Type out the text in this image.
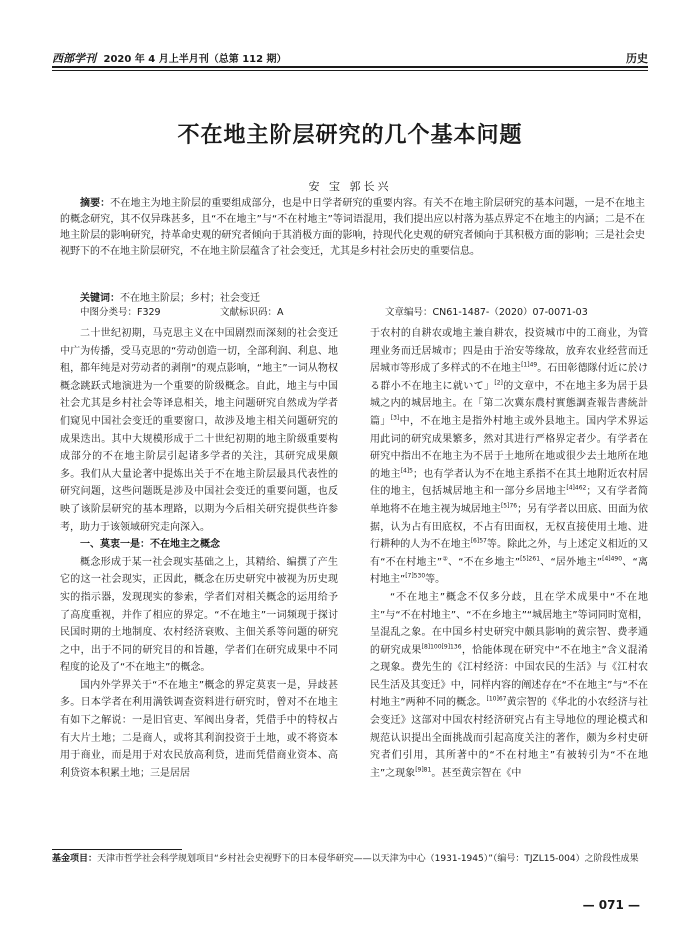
西部学刊 2020 年 4 月上半月刊（总第 112 期）	历史
不在地主阶层研究的几个基本问题
安 宝 郭长兴
摘要：不在地主为地主阶层的重要组成部分，也是中日学者研究的重要内容。有关不在地主阶层研究的基本问题，一是不在地主的概念研究，其不仅异珠甚多，且“不在地主”与“不在村地主”等词语混用，我们提出应以村落为基点界定不在地主的内涵；二是不在地主阶层的影响研究，持革命史观的研究者倾向于其消极方面的影响，持现代化史观的研究者倾向于其积极方面的影响；三是社会史视野下的不在地主阶层研究，不在地主阶层蕴含了社会变迁，尤其是乡村社会历史的重要信息。
关键词：不在地主阶层；乡村；社会变迁
中图分类号：F329	文献标识码：A	文章编号：CN61-1487-（2020）07-0071-03

二十世纪初期，马克思主义在中国剧烈而深刻的社会变迁中广为传播，受马克思的“劳动创造一切，全部利润、利息、地租，都年纯是对劳动者的剥削”的观点影响，“地主”一词从物权概念跳跃式地演进为一个重要的阶级概念。自此，地主与中国社会尤其是乡村社会等译息相关，地主问题研究自然成为学者们窥见中国社会变迁的重要窗口，故涉及地主相关问题研究的成果迭出。其中大规模形成于二十世纪初期的地主阶级重要构成部分的不在地主阶层引起诸多学者的关注，其研究成果颇多。我们从大量论著中提炼出关于不在地主阶层最具代表性的研究问题，这些问题既是涉及中国社会变迁的重要问题，也反映了该阶层研究的基本理路，以期为今后相关研究提供些许参考，助力于该领域研究走向深入。

一、莫衷一是：不在地主之概念

概念形成于某一社会现实基础之上，其精给、编撰了产生它的这一社会现实，正因此，概念在历史研究中被视为历史现实的指示器，发现现实的参索，学者们对相关概念的运用给予了高度重视，并作了相应的界定。“不在地主”一词频现于探讨民国时期的土地制度、农村经济衰败、主佃关系等问题的研究之中，出于不同的研究目的和旨趣，学者们在研究成果中不同程度的论及了“不在地主”的概念。

国内外学界关于“不在地主”概念的界定莫衷一是，异歧甚多。日本学者在利用满铁调查资料进行研究时，曾对不在地主有如下之解说：一是旧官吏、军阀出身者，凭借手中的特权占有大片土地；二是商人，或将其利润投资于土地，或不将资本用于商业，而是用于对农民放高利贷，进而凭借商业资本、高利贷资本积累土地；三是居居

于农村的自耕农或地主兼自耕农，投资城市中的工商业，为管理业务而迁居城市；四是由于治安等缘故，放弃农业经营而迁居城市等形成了多样式的不在地主$^{[1]49}$。石田彰德隊付近に於ける群小不在地主に就いて」[2]的文章中，不在地主多为居于县城之内的城居地主。在「第二次冀东農村實態調查報告書統計篇」[3]中，不在地主是指外村地主或外县地主。国内学术界运用此词的研究成果繁多，然对其进行严格界定者少。有学者在研究中指出不在地主为不居于土地所在地或很少去土地所在地的地主$^{[4]5}$；也有学者认为不在地主系指不在其土地附近农村居住的地主，包括城居地主和一部分乡居地主$^{[4]462}$；又有学者简单地将不在地主视为城居地主$^{[5]76}$；另有学者以田底、田面为依据，认为占有田底权，不占有田面权，无权直接使用土地、进行耕种的人为不在地主$^{[6]57}$等。除此之外，与上述定义相近的又有“不在村地主”②、“不在乡地主”$^{[5]261}$、“居外地主”$^{[4]490}$、“离村地主”$^{[7]530}$等。

“不在地主”概念不仅多分歧，且在学术成果中“不在地主”与“不在村地主”、“不在乡地主”“城居地主”等词同时宽相，呈混乱之象。在中国乡村史研究中颇具影响的黄宗智、费孝通的研究成果$^{[8]100[9]136}$，恰能体现在研究中“不在地主”含义混淆之现象。费先生的《江村经济：中国农民的生活》与《江村农民生活及其变迁》中，同样内容的阐述存在“不在地主”与“不在村地主”两种不同的概念。$^{[10]67}$黄宗智的《华北的小农经济与社会变迁》这部对中国农村经济研究占有主导地位的理论模式和规范认识提出全面挑战而引起高度关注的著作，颇为乡村史研究者们引用，其所著中的“不在村地主”有被转引为“不在地主”之现象$^{[9]81}$。甚至黄宗智在《中

基金项目：天津市哲学社会科学规划项目“乡村社会史视野下的日本侵华研究——以天津为中心（1931-1945）”（编号：TJZL15-004）之阶段性成果
— 071 —
